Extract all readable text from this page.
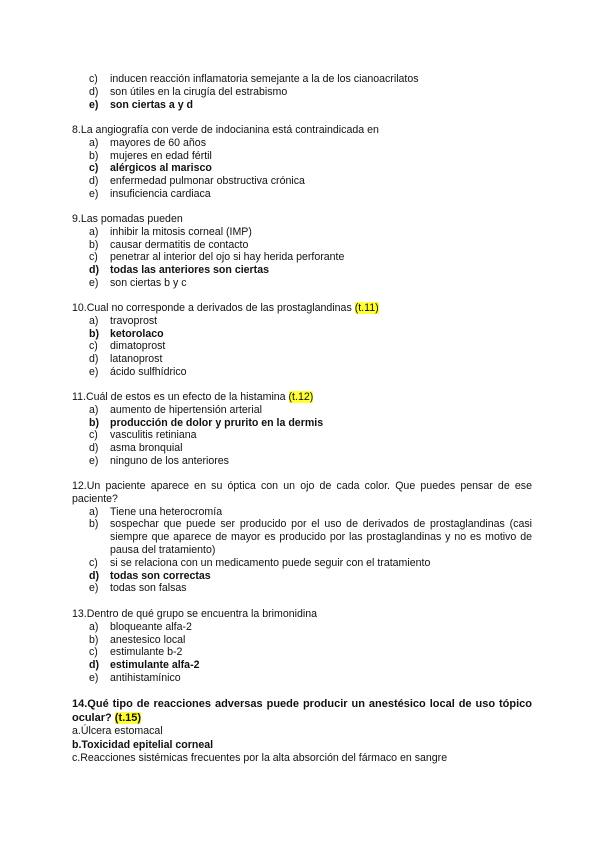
c) inducen reacción inflamatoria semejante a la de los cianoacrilatos

d) son útiles en la cirugía del estrabismo

e) son ciertas a y d

8.La angiografía con verde de indocianina está contraindicada en

a) mayores de 60 años

b) mujeres en edad fértil

c) alérgicos al marisco

d) enfermedad pulmonar obstructiva crónica

e) insuficiencia cardiaca

9.Las pomadas pueden

a) inhibir la mitosis corneal (IMP)

b) causar dermatitis de contacto

c) penetrar al interior del ojo si hay herida perforante

d) todas las anteriores son ciertas

e) son ciertas b y c

10.Cual no corresponde a derivados de las prostaglandinas (t.11)

a) travoprost

b) ketorolaco

c) dimatoprost

d) latanoprost

e) ácido sulfhídrico

11.Cuál de estos es un efecto de la histamina (t.12)

a) aumento de hipertensión arterial

b) producción de dolor y prurito en la dermis

c) vasculitis retiniana

d) asma bronquial

e) ninguno de los anteriores

12.Un paciente aparece en su óptica con un ojo de cada color. Que puedes pensar de ese paciente?

a) Tiene una heterocromía

b) sospechar que puede ser producido por el uso de derivados de prostaglandinas (casi siempre que aparece de mayor es producido por las prostaglandinas y no es motivo de pausa del tratamiento)

c) si se relaciona con un medicamento puede seguir con el tratamiento

d) todas son correctas

e) todas son falsas

13.Dentro de qué grupo se encuentra la brimonidina

a) bloqueante alfa-2

b) anestesico local

c) estimulante b-2

d) estimulante alfa-2

e) antihistamínico

14.Qué tipo de reacciones adversas puede producir un anestésico local de uso tópico ocular? (t.15)

a.Úlcera estomacal

b.Toxicidad epitelial corneal

c.Reacciones sistémicas frecuentes por la alta absorción del fármaco en sangre
